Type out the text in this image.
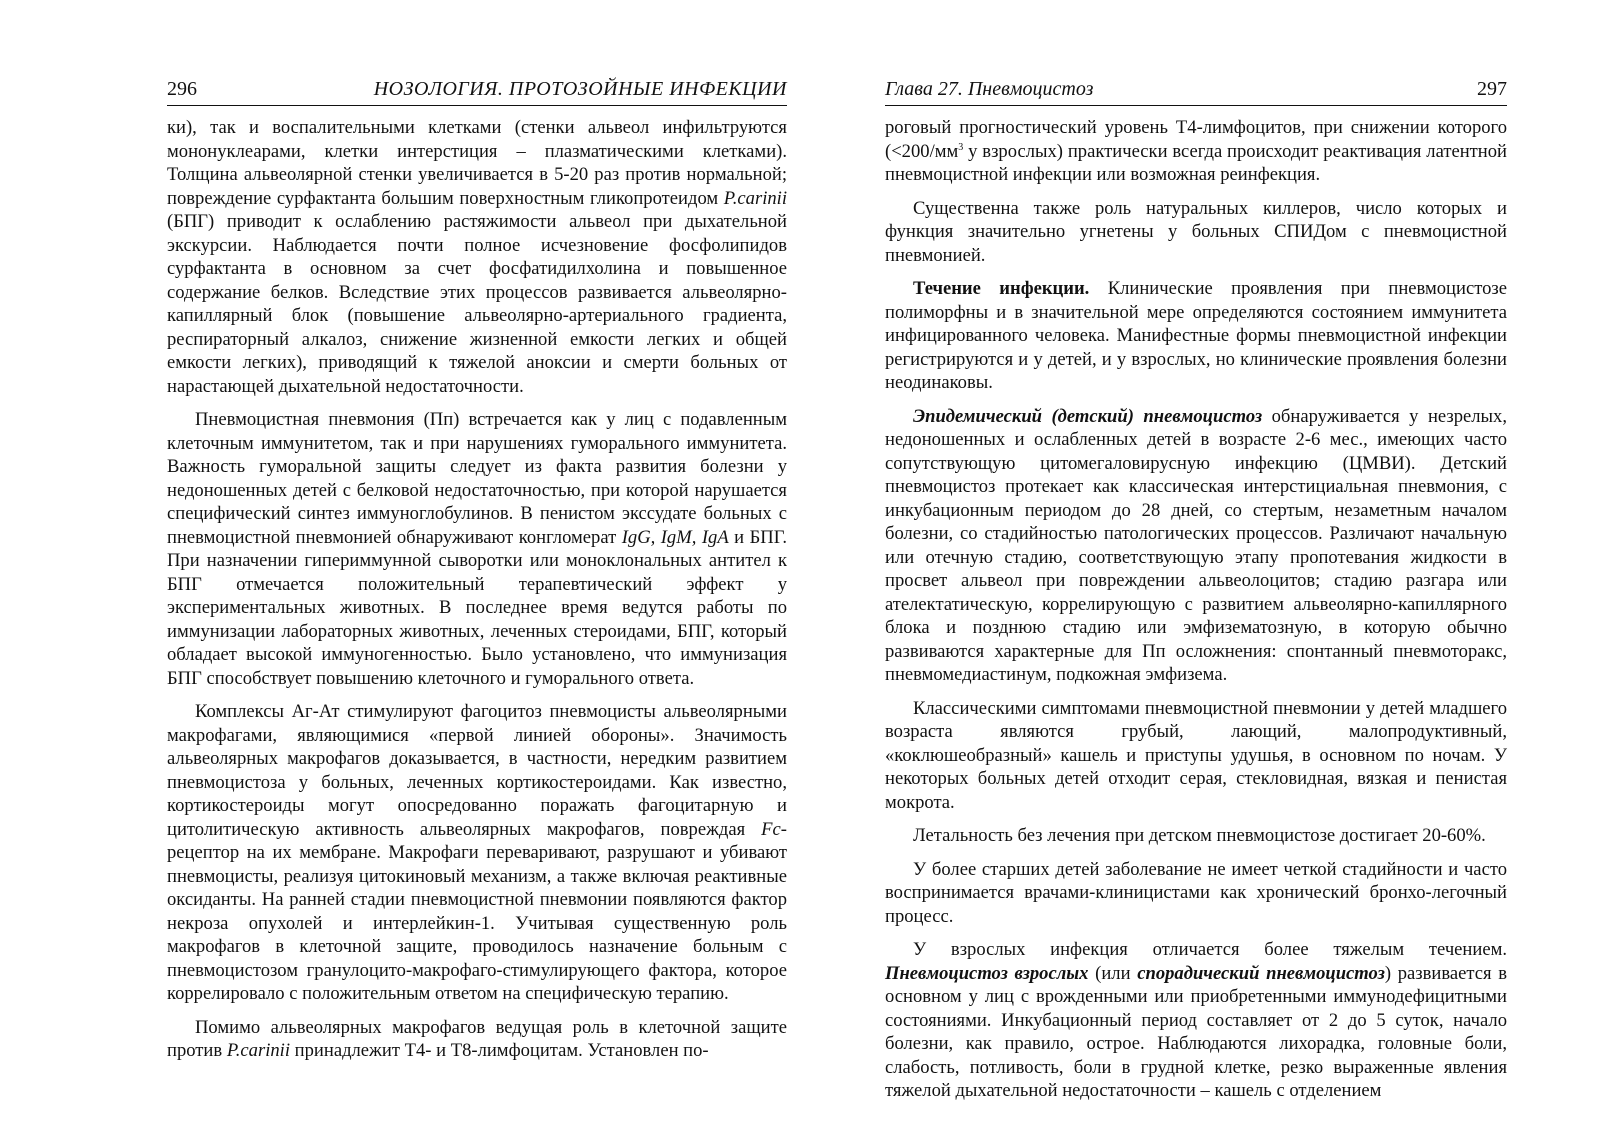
296	НОЗОЛОГИЯ. ПРОТОЗОЙНЫЕ ИНФЕКЦИИ

ки), так и воспалительными клетками (стенки альвеол инфильтруются мононуклеарами, клетки интерстиция – плазматическими клетками). Толщина альвеолярной стенки увеличивается в 5-20 раз против нормальной; повреждение сурфактанта большим поверхностным гликопротеидом P.carinii (БПГ) приводит к ослаблению растяжимости альвеол при дыхательной экскурсии. Наблюдается почти полное исчезновение фосфолипидов сурфактанта в основном за счет фосфатидилхолина и повышенное содержание белков. Вследствие этих процессов развивается альвеолярно-капиллярный блок (повышение альвеолярно-артериального градиента, респираторный алкалоз, снижение жизненной емкости легких и общей емкости легких), приводящий к тяжелой аноксии и смерти больных от нарастающей дыхательной недостаточности.

Пневмоцистная пневмония (Пп) встречается как у лиц с подавленным клеточным иммунитетом, так и при нарушениях гуморального иммунитета. Важность гуморальной защиты следует из факта развития болезни у недоношенных детей с белковой недостаточностью, при которой нарушается специфический синтез иммуноглобулинов. В пенистом экссудате больных с пневмоцистной пневмонией обнаруживают конгломерат IgG, IgM, IgA и БПГ. При назначении гипериммунной сыворотки или моноклональных антител к БПГ отмечается положительный терапевтический эффект у экспериментальных животных. В последнее время ведутся работы по иммунизации лабораторных животных, леченных стероидами, БПГ, который обладает высокой иммуногенностью. Было установлено, что иммунизация БПГ способствует повышению клеточного и гуморального ответа.

Комплексы Аг-Ат стимулируют фагоцитоз пневмоцисты альвеолярными макрофагами, являющимися «первой линией обороны». Значимость альвеолярных макрофагов доказывается, в частности, нередким развитием пневмоцистоза у больных, леченных кортикостероидами. Как известно, кортикостероиды могут опосредованно поражать фагоцитарную и цитолитическую активность альвеолярных макрофагов, повреждая Fc-рецептор на их мембране. Макрофаги переваривают, разрушают и убивают пневмоцисты, реализуя цитокиновый механизм, а также включая реактивные оксиданты. На ранней стадии пневмоцистной пневмонии появляются фактор некроза опухолей и интерлейкин-1. Учитывая существенную роль макрофагов в клеточной защите, проводилось назначение больным с пневмоцистозом гранулоцито-макрофаго-стимулирующего фактора, которое коррелировало с положительным ответом на специфическую терапию.

Помимо альвеолярных макрофагов ведущая роль в клеточной защите против P.carinii принадлежит Т4- и Т8-лимфоцитам. Установлен по-

Глава 27. Пневмоцистоз	297

роговый прогностический уровень Т4-лимфоцитов, при снижении которого ($<200/мм^3$ у взрослых) практически всегда происходит реактивация латентной пневмоцистной инфекции или возможная реинфекция.

Существенна также роль натуральных киллеров, число которых и функция значительно угнетены у больных СПИДом с пневмоцистной пневмонией.

Течение инфекции. Клинические проявления при пневмоцистозе полиморфны и в значительной мере определяются состоянием иммунитета инфицированного человека. Манифестные формы пневмоцистной инфекции регистрируются и у детей, и у взрослых, но клинические проявления болезни неодинаковы.

Эпидемический (детский) пневмоцистоз обнаруживается у незрелых, недоношенных и ослабленных детей в возрасте 2-6 мес., имеющих часто сопутствующую цитомегаловирусную инфекцию (ЦМВИ). Детский пневмоцистоз протекает как классическая интерстициальная пневмония, с инкубационным периодом до 28 дней, со стертым, незаметным началом болезни, со стадийностью патологических процессов. Различают начальную или отечную стадию, соответствующую этапу пропотевания жидкости в просвет альвеол при повреждении альвеолоцитов; стадию разгара или ателектатическую, коррелирующую с развитием альвеолярно-капиллярного блока и позднюю стадию или эмфизематозную, в которую обычно развиваются характерные для Пп осложнения: спонтанный пневмоторакс, пневмомедиастинум, подкожная эмфизема.

Классическими симптомами пневмоцистной пневмонии у детей младшего возраста являются грубый, лающий, малопродуктивный, «коклюшеобразный» кашель и приступы удушья, в основном по ночам. У некоторых больных детей отходит серая, стекловидная, вязкая и пенистая мокрота.

Летальность без лечения при детском пневмоцистозе достигает 20-60%.

У более старших детей заболевание не имеет четкой стадийности и часто воспринимается врачами-клиницистами как хронический бронхо-легочный процесс.

У взрослых инфекция отличается более тяжелым течением. Пневмоцистоз взрослых (или спорадический пневмоцистоз) развивается в основном у лиц с врожденными или приобретенными иммунодефицитными состояниями. Инкубационный период составляет от 2 до 5 суток, начало болезни, как правило, острое. Наблюдаются лихорадка, головные боли, слабость, потливость, боли в грудной клетке, резко выраженные явления тяжелой дыхательной недостаточности – кашель с отделением
